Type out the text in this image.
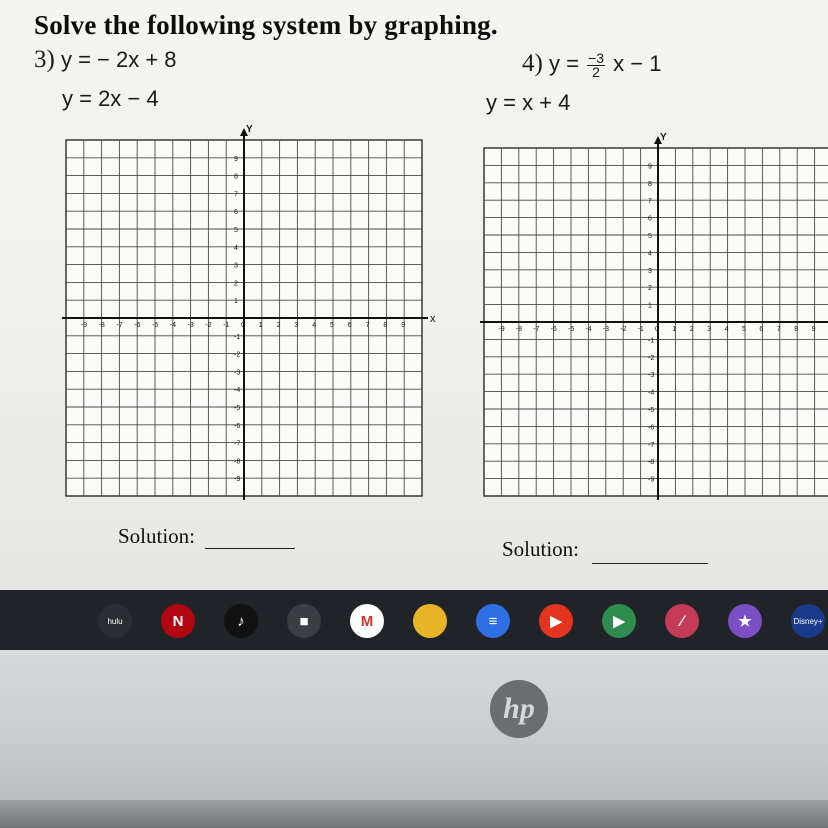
Solve the following system by graphing.
3) y = − 2x + 8
y = 2x − 4
4) $y = \frac{-3}{2}$ x − 1
y = x + 4
x
Y
-9 -8 -7 -6 -5 -4 -3 -2 -1 0 1 2 3 4 5 6 7 8 9
9
8
7
6
5
4
3
2
1
-1
-2
-3
-4
-5
-6
-7
-8
-9
Y
-9 -8 -7 -6 -5 -4 -3 -2 -1 0 1 2 3 4 5 6 7 8 9
9
8
7
6
5
4
3
2
1
-1
-2
-3
-4
-5
-6
-7
-8
-9
Solution:
Solution:
hulu	N	♪	■	M	≡	▶	▶	∕	★	Disney+
hp
